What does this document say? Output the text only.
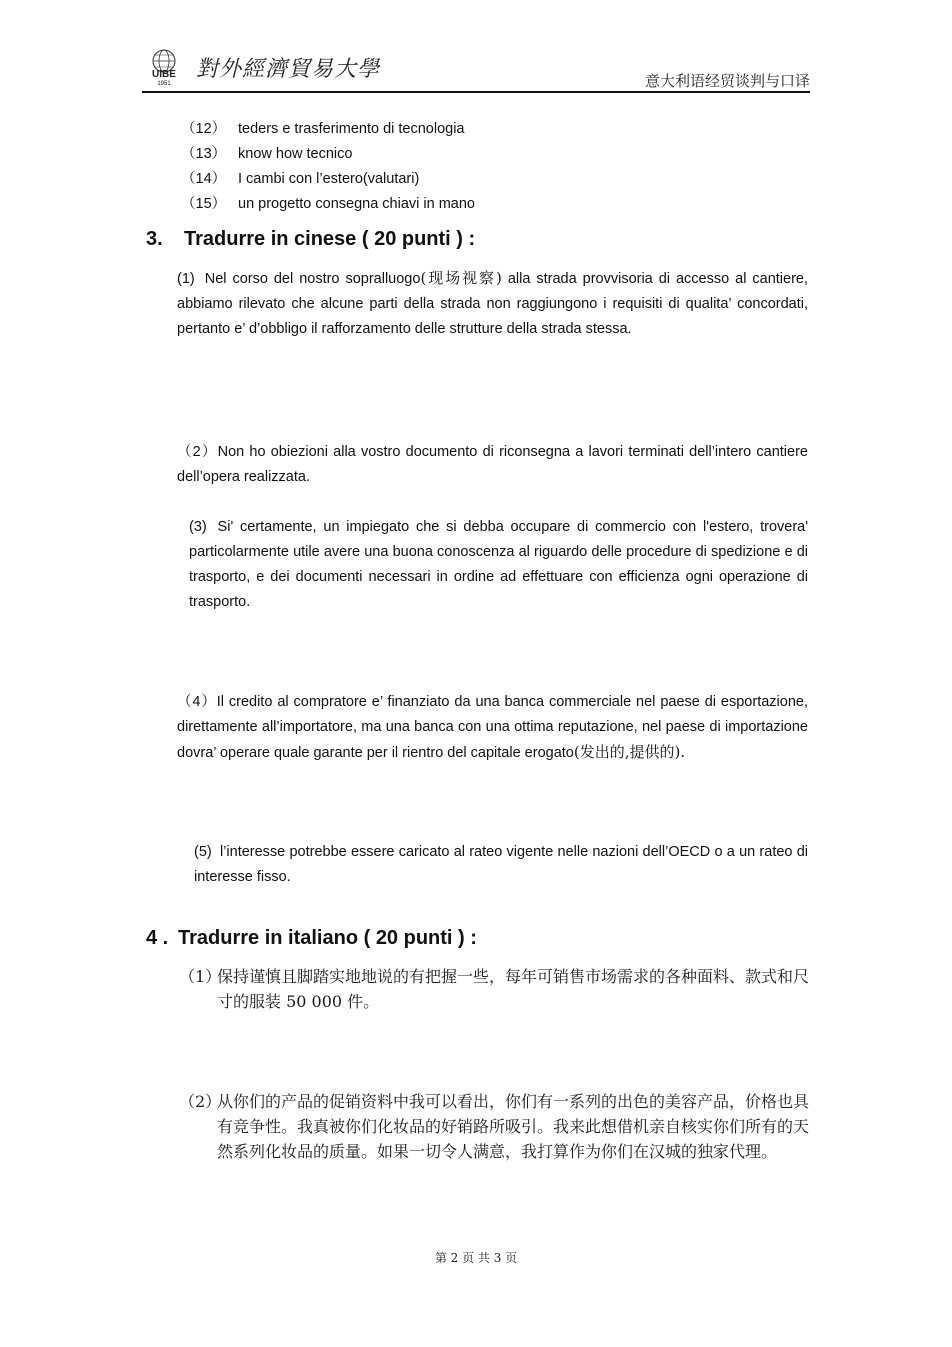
UIBE
1951
對外經濟貿易大學	意大利语经贸谈判与口译
（12） teders e trasferimento di tecnologia
（13） know how tecnico
（14） I cambi con l’estero(valutari)
（15） un progetto consegna chiavi in mano
3. Tradurre in cinese ( 20 punti ) :
(1) Nel corso del nostro sopralluogo(现场视察) alla strada provvisoria di accesso al cantiere, abbiamo rilevato che alcune parti della strada non raggiungono i requisiti di qualita’ concordati, pertanto e’ d’obbligo il rafforzamento delle strutture della strada stessa.
（2）Non ho obiezioni alla vostro documento di riconsegna a lavori terminati dell’intero cantiere dell’opera realizzata.
(3) Si' certamente, un impiegato che si debba occupare di commercio con l'estero, trovera' particolarmente utile avere una buona conoscenza al riguardo delle procedure di spedizione e di trasporto, e dei documenti necessari in ordine ad effettuare con efficienza ogni operazione di trasporto.
（4）Il credito al compratore e’ finanziato da una banca commerciale nel paese di esportazione, direttamente all’importatore, ma una banca con una ottima reputazione, nel paese di importazione dovra’ operare quale garante per il rientro del capitale erogato(发出的,提供的).
(5) l’interesse potrebbe essere caricato al rateo vigente nelle nazioni dell’OECD o a un rateo di interesse fisso.
4 . Tradurre in italiano ( 20 punti ) :
（1）
保持谨慎且脚踏实地地说的有把握一些，每年可销售市场需求的各种面料、款式和尺寸的服装 50 000 件。
（2）
从你们的产品的促销资料中我可以看出，你们有一系列的出色的美容产品，价格也具有竞争性。我真被你们化妆品的好销路所吸引。我来此想借机亲自核实你们所有的天然系列化妆品的质量。如果一切令人满意，我打算作为你们在汉城的独家代理。
第 2 页 共 3 页
